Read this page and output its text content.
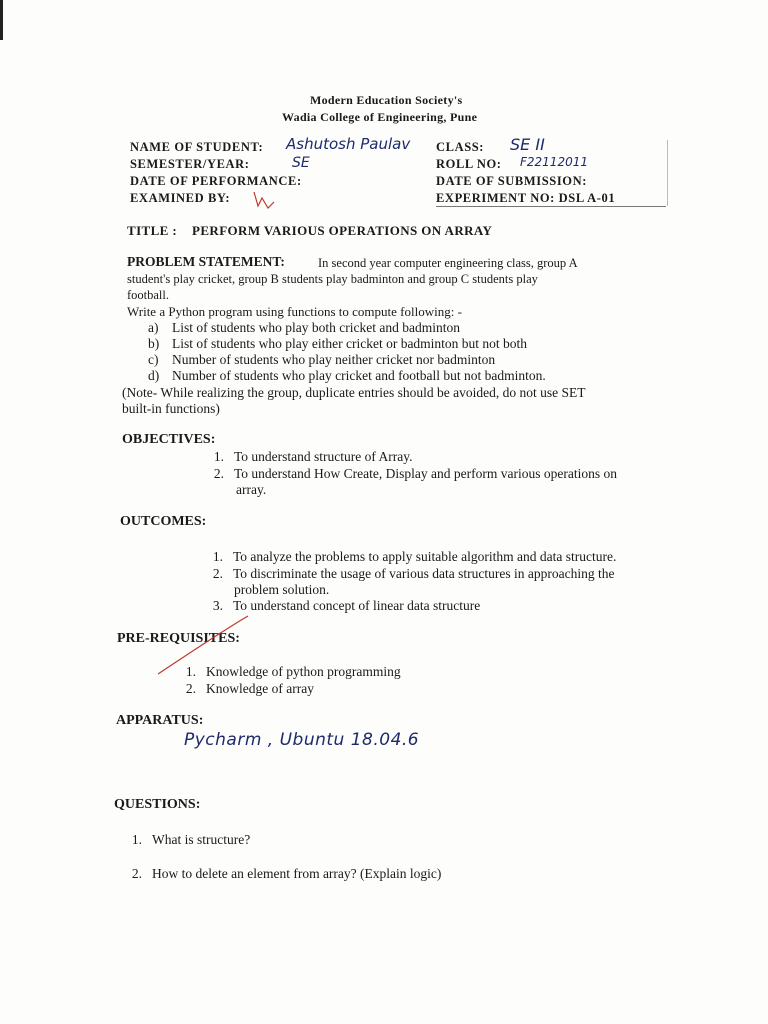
Modern Education Society's
Wadia College of Engineering, Pune
NAME OF STUDENT: Ashutosh Paulav CLASS: SE II
SEMESTER/YEAR:	SE	ROLL NO: F22112011
DATE OF PERFORMANCE:	DATE OF SUBMISSION:
EXAMINED BY:	EXPERIMENT NO: DSL A-01
TITLE : PERFORM VARIOUS OPERATIONS ON ARRAY
PROBLEM STATEMENT:	In second year computer engineering class, group A
student's play cricket, group B students play badminton and group C students play
football.
Write a Python program using functions to compute following: -
a) List of students who play both cricket and badminton
b) List of students who play either cricket or badminton but not both
c) Number of students who play neither cricket nor badminton
d) Number of students who play cricket and football but not badminton.
(Note- While realizing the group, duplicate entries should be avoided, do not use SET
built-in functions)
OBJECTIVES:
1. To understand structure of Array.
2. To understand How Create, Display and perform various operations on
array.
OUTCOMES:
1. To analyze the problems to apply suitable algorithm and data structure.
2. To discriminate the usage of various data structures in approaching the
problem solution.
3. To understand concept of linear data structure
PRE-REQUISITES:
1. Knowledge of python programming
2. Knowledge of array
APPARATUS:
Pycharm , Ubuntu 18.04.6
QUESTIONS:
1. What is structure?
2. How to delete an element from array? (Explain logic)
